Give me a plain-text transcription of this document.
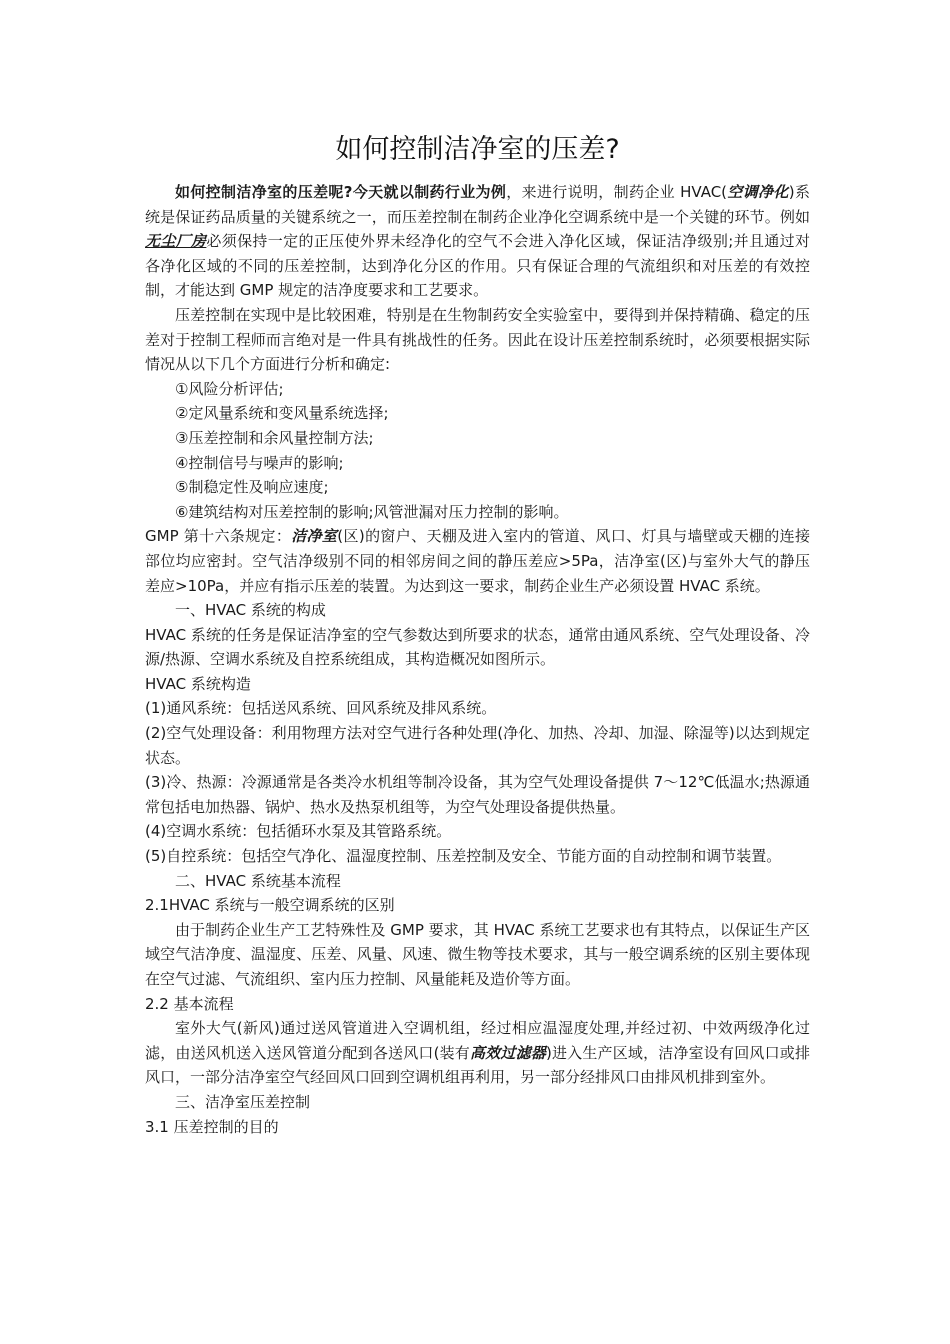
如何控制洁净室的压差?

如何控制洁净室的压差呢?今天就以制药行业为例，来进行说明，制药企业 HVAC(空调净化)系统是保证药品质量的关键系统之一，而压差控制在制药企业净化空调系统中是一个关键的环节。例如无尘厂房必须保持一定的正压使外界未经净化的空气不会进入净化区域，保证洁净级别;并且通过对各净化区域的不同的压差控制，达到净化分区的作用。只有保证合理的气流组织和对压差的有效控制，才能达到 GMP 规定的洁净度要求和工艺要求。

压差控制在实现中是比较困难，特别是在生物制药安全实验室中，要得到并保持精确、稳定的压差对于控制工程师而言绝对是一件具有挑战性的任务。因此在设计压差控制系统时，必须要根据实际情况从以下几个方面进行分析和确定:

①风险分析评估;

②定风量系统和变风量系统选择;

③压差控制和余风量控制方法;

④控制信号与噪声的影响;

⑤制稳定性及响应速度;

⑥建筑结构对压差控制的影响;风管泄漏对压力控制的影响。

GMP 第十六条规定：洁净室(区)的窗户、天棚及进入室内的管道、风口、灯具与墙壁或天棚的连接部位均应密封。空气洁净级别不同的相邻房间之间的静压差应>5Pa，洁净室(区)与室外大气的静压差应>10Pa，并应有指示压差的装置。为达到这一要求，制药企业生产必须设置 HVAC 系统。

一、HVAC 系统的构成

HVAC 系统的任务是保证洁净室的空气参数达到所要求的状态，通常由通风系统、空气处理设备、冷源/热源、空调水系统及自控系统组成，其构造概况如图所示。

HVAC 系统构造

(1)通风系统：包括送风系统、回风系统及排风系统。

(2)空气处理设备：利用物理方法对空气进行各种处理(净化、加热、冷却、加湿、除湿等)以达到规定状态。

(3)冷、热源：冷源通常是各类冷水机组等制冷设备，其为空气处理设备提供 7～12℃低温水;热源通常包括电加热器、锅炉、热水及热泵机组等，为空气处理设备提供热量。

(4)空调水系统：包括循环水泵及其管路系统。

(5)自控系统：包括空气净化、温湿度控制、压差控制及安全、节能方面的自动控制和调节装置。

二、HVAC 系统基本流程

2.1HVAC 系统与一般空调系统的区别

由于制药企业生产工艺特殊性及 GMP 要求，其 HVAC 系统工艺要求也有其特点，以保证生产区域空气洁净度、温湿度、压差、风量、风速、微生物等技术要求，其与一般空调系统的区别主要体现在空气过滤、气流组织、室内压力控制、风量能耗及造价等方面。

2.2 基本流程

室外大气(新风)通过送风管道进入空调机组，经过相应温湿度处理,并经过初、中效两级净化过滤，由送风机送入送风管道分配到各送风口(装有高效过滤器)进入生产区域，洁净室设有回风口或排风口，一部分洁净室空气经回风口回到空调机组再利用，另一部分经排风口由排风机排到室外。

三、洁净室压差控制

3.1 压差控制的目的
